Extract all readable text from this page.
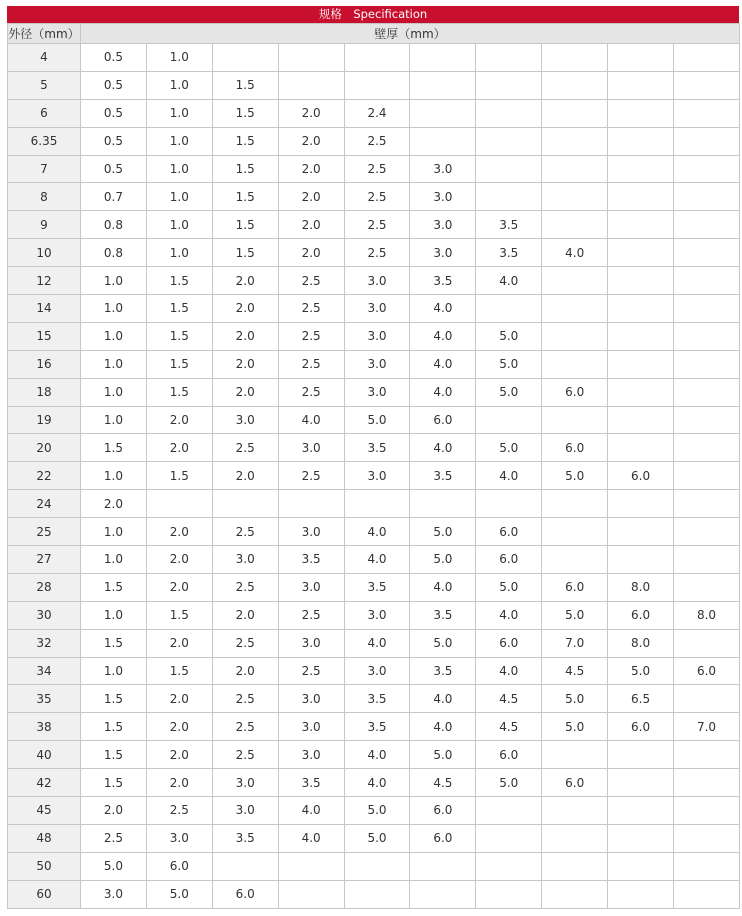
规格　Specification
外径（mm）	壁厚（mm）									
4	0.5	1.0								
5	0.5	1.0	1.5							
6	0.5	1.0	1.5	2.0	2.4					
6.35	0.5	1.0	1.5	2.0	2.5					
7	0.5	1.0	1.5	2.0	2.5	3.0				
8	0.7	1.0	1.5	2.0	2.5	3.0				
9	0.8	1.0	1.5	2.0	2.5	3.0	3.5			
10	0.8	1.0	1.5	2.0	2.5	3.0	3.5	4.0		
12	1.0	1.5	2.0	2.5	3.0	3.5	4.0			
14	1.0	1.5	2.0	2.5	3.0	4.0				
15	1.0	1.5	2.0	2.5	3.0	4.0	5.0			
16	1.0	1.5	2.0	2.5	3.0	4.0	5.0			
18	1.0	1.5	2.0	2.5	3.0	4.0	5.0	6.0		
19	1.0	2.0	3.0	4.0	5.0	6.0				
20	1.5	2.0	2.5	3.0	3.5	4.0	5.0	6.0		
22	1.0	1.5	2.0	2.5	3.0	3.5	4.0	5.0	6.0	
24	2.0									
25	1.0	2.0	2.5	3.0	4.0	5.0	6.0			
27	1.0	2.0	3.0	3.5	4.0	5.0	6.0			
28	1.5	2.0	2.5	3.0	3.5	4.0	5.0	6.0	8.0	
30	1.0	1.5	2.0	2.5	3.0	3.5	4.0	5.0	6.0	8.0
32	1.5	2.0	2.5	3.0	4.0	5.0	6.0	7.0	8.0	
34	1.0	1.5	2.0	2.5	3.0	3.5	4.0	4.5	5.0	6.0
35	1.5	2.0	2.5	3.0	3.5	4.0	4.5	5.0	6.5	
38	1.5	2.0	2.5	3.0	3.5	4.0	4.5	5.0	6.0	7.0
40	1.5	2.0	2.5	3.0	4.0	5.0	6.0			
42	1.5	2.0	3.0	3.5	4.0	4.5	5.0	6.0		
45	2.0	2.5	3.0	4.0	5.0	6.0				
48	2.5	3.0	3.5	4.0	5.0	6.0				
50	5.0	6.0								
60	3.0	5.0	6.0							
